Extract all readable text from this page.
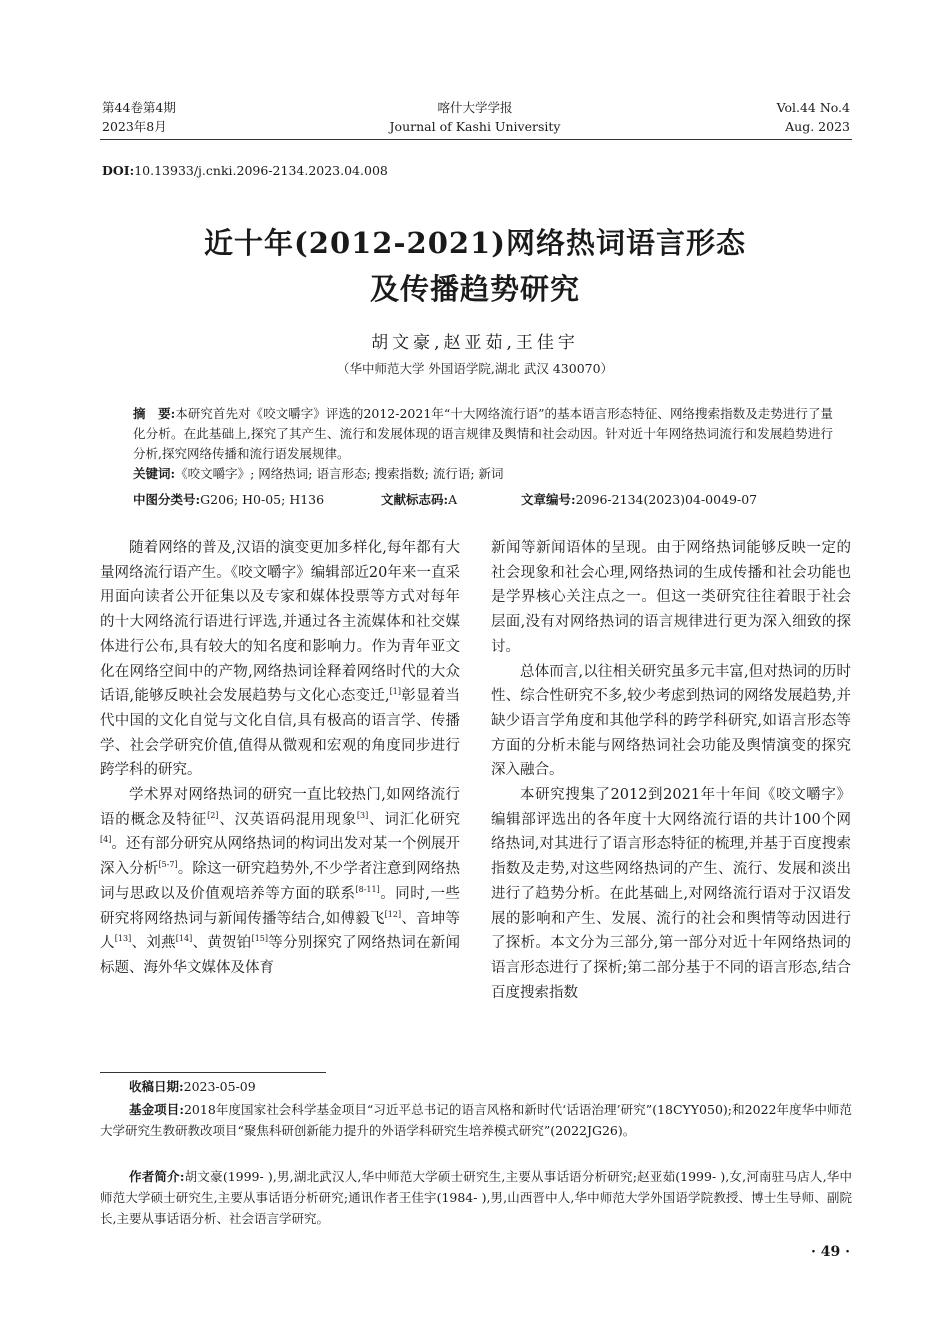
第44卷第4期
2023年8月
喀什大学学报
Journal of Kashi University
Vol.44 No.4
Aug. 2023
DOI:10.13933/j.cnki.2096-2134.2023.04.008
近十年(2012-2021)网络热词语言形态
及传播趋势研究
胡文豪,赵亚茹,王佳宇
（华中师范大学 外国语学院,湖北 武汉 430070）
摘　要:本研究首先对《咬文嚼字》评选的2012-2021年“十大网络流行语”的基本语言形态特征、网络搜索指数及走势进行了量化分析。在此基础上,探究了其产生、流行和发展体现的语言规律及舆情和社会动因。针对近十年网络热词流行和发展趋势进行分析,探究网络传播和流行语发展规律。
关键词:《咬文嚼字》; 网络热词; 语言形态; 搜索指数; 流行语; 新词
中图分类号:G206; H0-05; H136	文献标志码:A	文章编号:2096-2134(2023)04-0049-07

随着网络的普及,汉语的演变更加多样化,每年都有大量网络流行语产生。《咬文嚼字》编辑部近20年来一直采用面向读者公开征集以及专家和媒体投票等方式对每年的十大网络流行语进行评选,并通过各主流媒体和社交媒体进行公布,具有较大的知名度和影响力。作为青年亚文化在网络空间中的产物,网络热词诠释着网络时代的大众话语,能够反映社会发展趋势与文化心态变迁,[1]彰显着当代中国的文化自觉与文化自信,具有极高的语言学、传播学、社会学研究价值,值得从微观和宏观的角度同步进行跨学科的研究。

学术界对网络热词的研究一直比较热门,如网络流行语的概念及特征[2]、汉英语码混用现象[3]、词汇化研究[4]。还有部分研究从网络热词的构词出发对某一个例展开深入分析[5-7]。除这一研究趋势外,不少学者注意到网络热词与思政以及价值观培养等方面的联系[8-11]。同时,一些研究将网络热词与新闻传播等结合,如傅毅飞[12]、音坤等人[13]、刘燕[14]、黄贺铂[15]等分别探究了网络热词在新闻标题、海外华文媒体及体育

新闻等新闻语体的呈现。由于网络热词能够反映一定的社会现象和社会心理,网络热词的生成传播和社会功能也是学界核心关注点之一。但这一类研究往往着眼于社会层面,没有对网络热词的语言规律进行更为深入细致的探讨。

总体而言,以往相关研究虽多元丰富,但对热词的历时性、综合性研究不多,较少考虑到热词的网络发展趋势,并缺少语言学角度和其他学科的跨学科研究,如语言形态等方面的分析未能与网络热词社会功能及舆情演变的探究深入融合。

本研究搜集了2012到2021年十年间《咬文嚼字》编辑部评选出的各年度十大网络流行语的共计100个网络热词,对其进行了语言形态特征的梳理,并基于百度搜索指数及走势,对这些网络热词的产生、流行、发展和淡出进行了趋势分析。在此基础上,对网络流行语对于汉语发展的影响和产生、发展、流行的社会和舆情等动因进行了探析。本文分为三部分,第一部分对近十年网络热词的语言形态进行了探析;第二部分基于不同的语言形态,结合百度搜索指数

收稿日期:2023-05-09
基金项目:2018年度国家社会科学基金项目“习近平总书记的语言风格和新时代‘话语治理’研究”(18CYY050);和2022年度华中师范大学研究生教研教改项目“聚焦科研创新能力提升的外语学科研究生培养模式研究”(2022JG26)。
作者简介:胡文豪(1999- ),男,湖北武汉人,华中师范大学硕士研究生,主要从事话语分析研究;赵亚茹(1999- ),女,河南驻马店人,华中师范大学硕士研究生,主要从事话语分析研究;通讯作者王佳宇(1984- ),男,山西晋中人,华中师范大学外国语学院教授、博士生导师、副院长,主要从事话语分析、社会语言学研究。
· 49 ·
